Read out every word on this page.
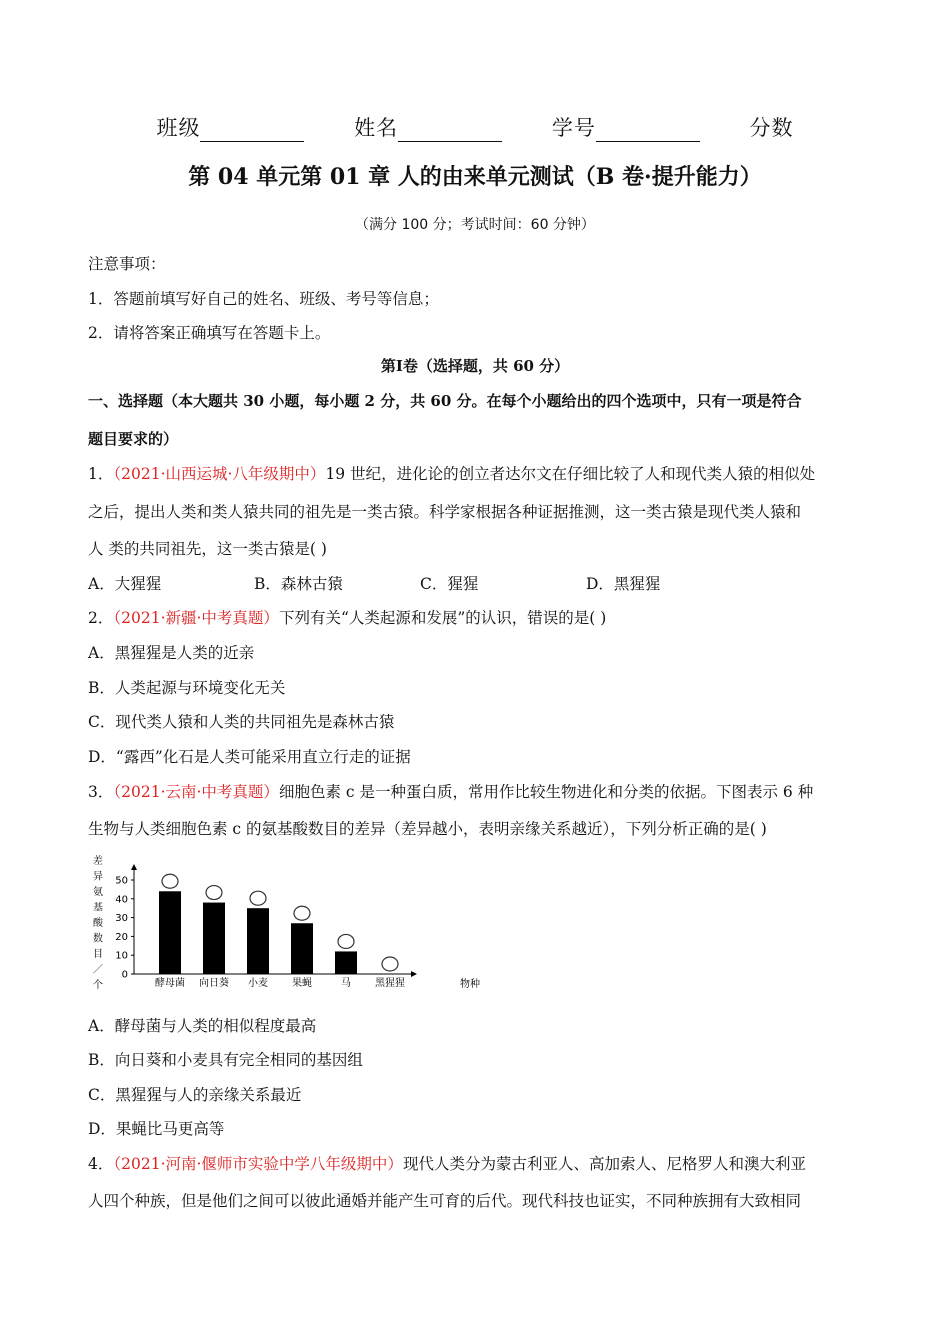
班级	姓名	学号	分数
第 04 单元第 01 章 人的由来单元测试（B 卷·提升能力）
（满分 100 分；考试时间：60 分钟）
注意事项：
1．答题前填写好自己的姓名、班级、考号等信息；
2．请将答案正确填写在答题卡上。
第Ⅰ卷（选择题，共 60 分）
一、选择题（本大题共 30 小题，每小题 2 分，共 60 分。在每个小题给出的四个选项中，只有一项是符合
题目要求的）
1．（2021·山西运城·八年级期中）19 世纪，进化论的创立者达尔文在仔细比较了人和现代类人猿的相似处
之后，提出人类和类人猿共同的祖先是一类古猿。科学家根据各种证据推测，这一类古猿是现代类人猿和
人 类的共同祖先，这一类古猿是( )
A．大猩猩	B．森林古猿	C．猩猩	D．黑猩猩
2．（2021·新疆·中考真题）下列有关“人类起源和发展”的认识，错误的是( )
A．黑猩猩是人类的近亲
B．人类起源与环境变化无关
C．现代类人猿和人类的共同祖先是森林古猿
D．“露西”化石是人类可能采用直立行走的证据
3．（2021·云南·中考真题）细胞色素 c 是一种蛋白质，常用作比较生物进化和分类的依据。下图表示 6 种
生物与人类细胞色素 c 的氨基酸数目的差异（差异越小，表明亲缘关系越近），下列分析正确的是( )
差
异
氨
基
酸
数
目
／
个
0
10
20
30
40
50
酵母菌 向日葵 小麦 果蝇	马 黑猩猩	物种
A．酵母菌与人类的相似程度最高
B．向日葵和小麦具有完全相同的基因组
C．黑猩猩与人的亲缘关系最近
D．果蝇比马更高等
4．（2021·河南·偃师市实验中学八年级期中）现代人类分为蒙古利亚人、高加索人、尼格罗人和澳大利亚
人四个种族，但是他们之间可以彼此通婚并能产生可育的后代。现代科技也证实，不同种族拥有大致相同
